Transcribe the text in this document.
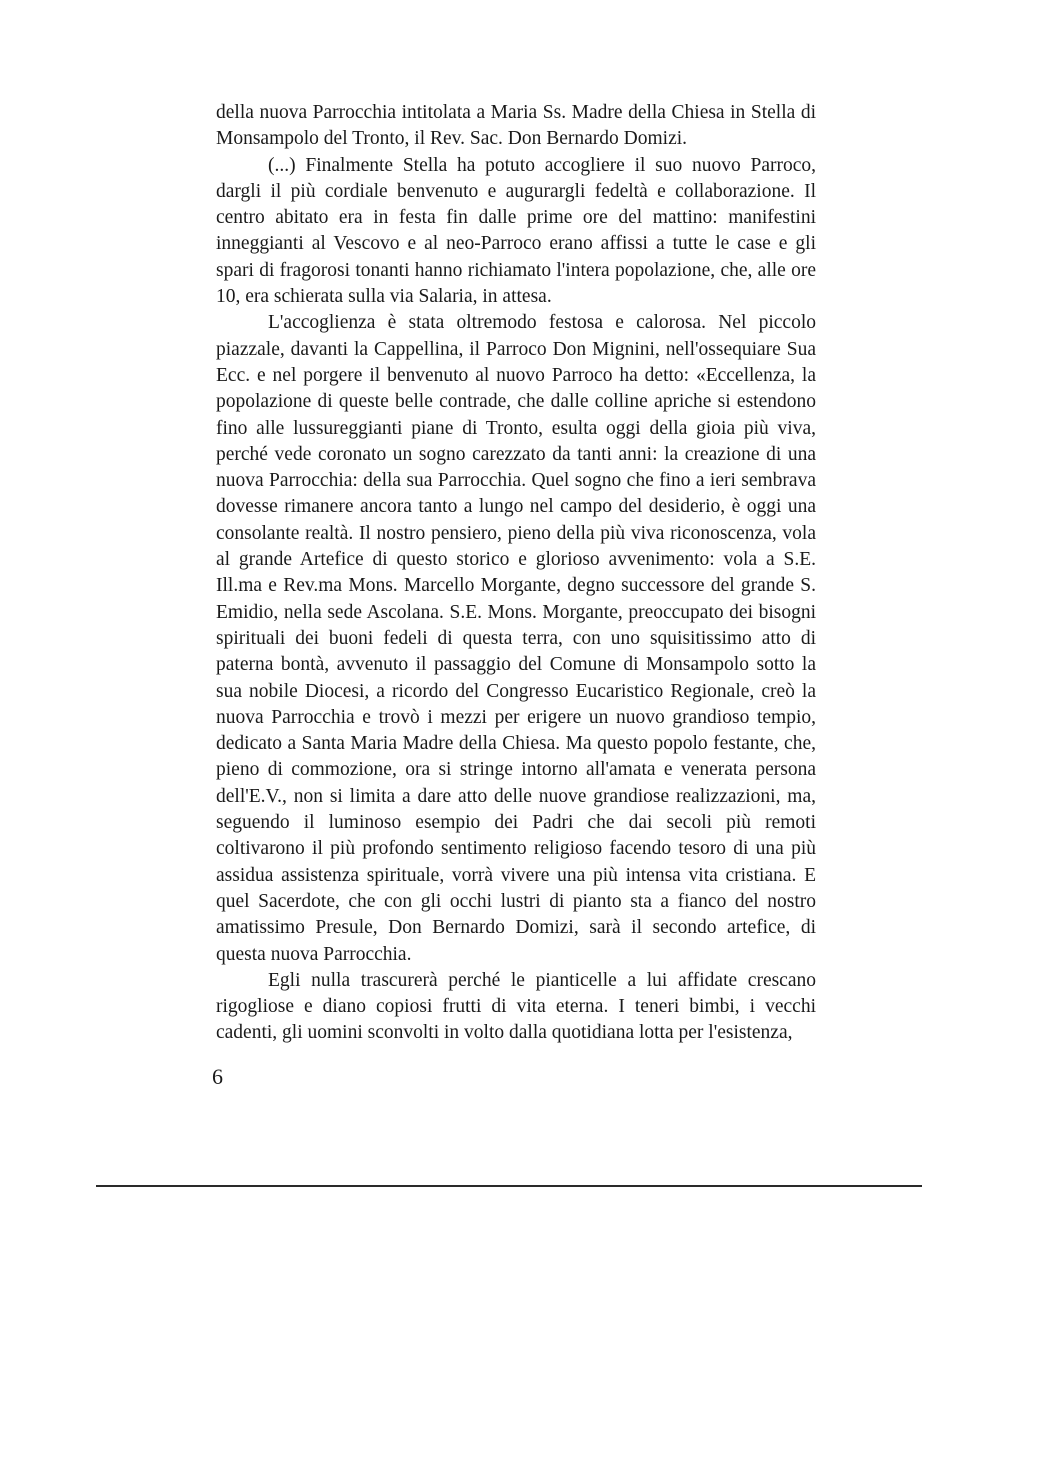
della nuova Parrocchia intitolata a Maria Ss. Madre della Chiesa in Stella di Monsampolo del Tronto, il Rev. Sac. Don Bernardo Domizi.

(...) Finalmente Stella ha potuto accogliere il suo nuovo Parroco, dargli il più cordiale benvenuto e augurargli fedeltà e collaborazione. Il centro abitato era in festa fin dalle prime ore del mattino: manifestini inneggianti al Vescovo e al neo-Parroco erano affissi a tutte le case e gli spari di fragorosi tonanti hanno richiamato l'intera popolazione, che, alle ore 10, era schierata sulla via Salaria, in attesa.

L'accoglienza è stata oltremodo festosa e calorosa. Nel piccolo piazzale, davanti la Cappellina, il Parroco Don Mignini, nell'ossequiare Sua Ecc. e nel porgere il benvenuto al nuovo Parroco ha detto: «Eccellenza, la popolazione di queste belle contrade, che dalle colline apriche si estendono fino alle lussureggianti piane di Tronto, esulta oggi della gioia più viva, perché vede coronato un sogno carezzato da tanti anni: la creazione di una nuova Parrocchia: della sua Parrocchia. Quel sogno che fino a ieri sembrava dovesse rimanere ancora tanto a lungo nel campo del desiderio, è oggi una consolante realtà. Il nostro pensiero, pieno della più viva riconoscenza, vola al grande Artefice di questo storico e glorioso avvenimento: vola a S.E. Ill.ma e Rev.ma Mons. Marcello Morgante, degno successore del grande S. Emidio, nella sede Ascolana. S.E. Mons. Morgante, preoccupato dei bisogni spirituali dei buoni fedeli di questa terra, con uno squisitissimo atto di paterna bontà, avvenuto il passaggio del Comune di Monsampolo sotto la sua nobile Diocesi, a ricordo del Congresso Eucaristico Regionale, creò la nuova Parrocchia e trovò i mezzi per erigere un nuovo grandioso tempio, dedicato a Santa Maria Madre della Chiesa. Ma questo popolo festante, che, pieno di commozione, ora si stringe intorno all'amata e venerata persona dell'E.V., non si limita a dare atto delle nuove grandiose realizzazioni, ma, seguendo il luminoso esempio dei Padri che dai secoli più remoti coltivarono il più profondo sentimento religioso facendo tesoro di una più assidua assistenza spirituale, vorrà vivere una più intensa vita cristiana. E quel Sacerdote, che con gli occhi lustri di pianto sta a fianco del nostro amatissimo Presule, Don Bernardo Domizi, sarà il secondo artefice, di questa nuova Parrocchia.

Egli nulla trascurerà perché le pianticelle a lui affidate crescano rigogliose e diano copiosi frutti di vita eterna. I teneri bimbi, i vecchi cadenti, gli uomini sconvolti in volto dalla quotidiana lotta per l'esistenza,

6
